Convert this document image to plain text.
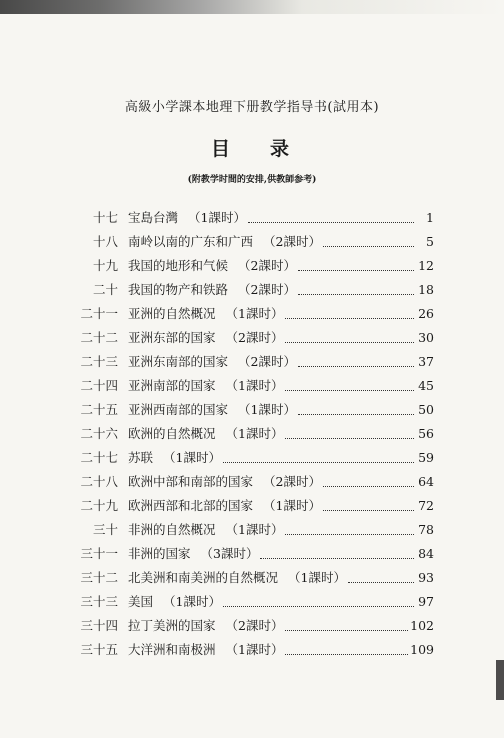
高級小学課本地理下册教学指导书(試用本)
目 录
(附教学时間的安排,供教師参考)
十七 宝島台灣 （1課时）	1
十八 南岭以南的广东和广西 （2課时）	5
十九 我国的地形和气候 （2課时）	12
二十 我国的物产和铁路 （2課时）	18
二十一 亚洲的自然概况 （1課时）	26
二十二 亚洲东部的国家 （2課时）	30
二十三 亚洲东南部的国家 （2課时）	37
二十四 亚洲南部的国家 （1課时）	45
二十五 亚洲西南部的国家 （1課时）	50
二十六 欧洲的自然概况 （1課时）	56
二十七 苏联 （1課时）	59
二十八 欧洲中部和南部的国家 （2課时）	64
二十九 欧洲西部和北部的国家 （1課时）	72
三十 非洲的自然概况 （1課时）	78
三十一 非洲的国家 （3課时）	84
三十二 北美洲和南美洲的自然概况 （1課时）	93
三十三 美国 （1課时）	97
三十四 拉丁美洲的国家 （2課时）	102
三十五 大洋洲和南极洲 （1課时）	109
